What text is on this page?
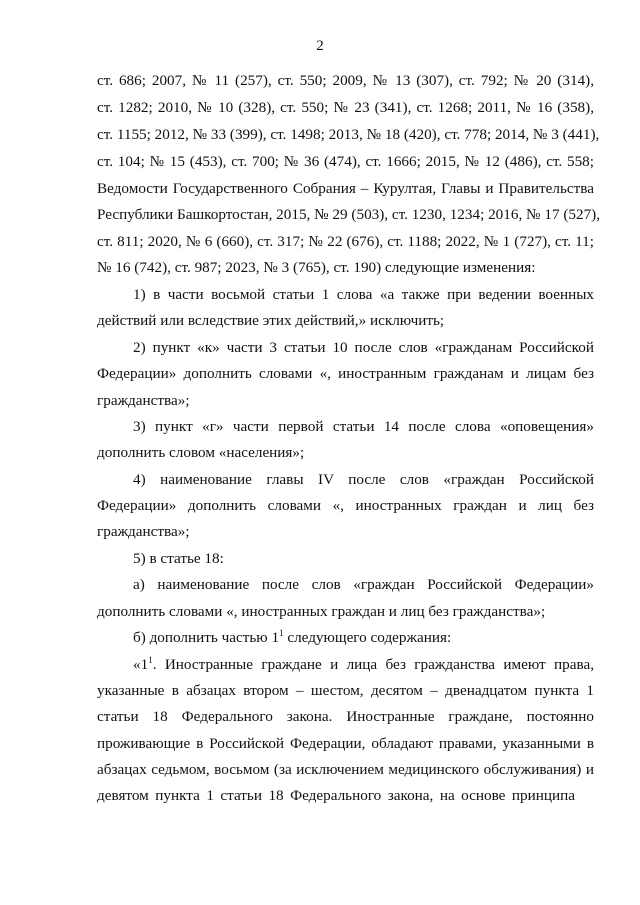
2
ст. 686; 2007, № 11 (257), ст. 550; 2009, № 13 (307), ст. 792; № 20 (314),
ст. 1282; 2010, № 10 (328), ст. 550; № 23 (341), ст. 1268; 2011, № 16 (358),
ст. 1155; 2012, № 33 (399), ст. 1498; 2013, № 18 (420), ст. 778; 2014, № 3 (441),
ст. 104; № 15 (453), ст. 700; № 36 (474), ст. 1666; 2015, № 12 (486), ст. 558;
Ведомости Государственного Собрания – Курултая, Главы и Правительства
Республики Башкортостан, 2015, № 29 (503), ст. 1230, 1234; 2016, № 17 (527),
ст. 811; 2020, № 6 (660), ст. 317; № 22 (676), ст. 1188; 2022, № 1 (727), ст. 11;
№ 16 (742), ст. 987; 2023, № 3 (765), ст. 190) следующие изменения:
1) в части восьмой статьи 1 слова «а также при ведении военных
действий или вследствие этих действий,» исключить;
2) пункт «к» части 3 статьи 10 после слов «гражданам Российской
Федерации» дополнить словами «, иностранным гражданам и лицам без
гражданства»;
3) пункт «г» части первой статьи 14 после слова «оповещения»
дополнить словом «населения»;
4) наименование главы IV после слов «граждан Российской
Федерации» дополнить словами «, иностранных граждан и лиц без
гражданства»;
5) в статье 18:
а) наименование после слов «граждан Российской Федерации»
дополнить словами «, иностранных граждан и лиц без гражданства»;
б) дополнить частью $1^1$ следующего содержания:
«$1^1$. Иностранные граждане и лица без гражданства имеют права,
указанные в абзацах втором – шестом, десятом – двенадцатом пункта 1
статьи 18 Федерального закона. Иностранные граждане, постоянно
проживающие в Российской Федерации, обладают правами, указанными в
абзацах седьмом, восьмом (за исключением медицинского обслуживания) и
девятом пункта 1 статьи 18 Федерального закона, на основе принципа
